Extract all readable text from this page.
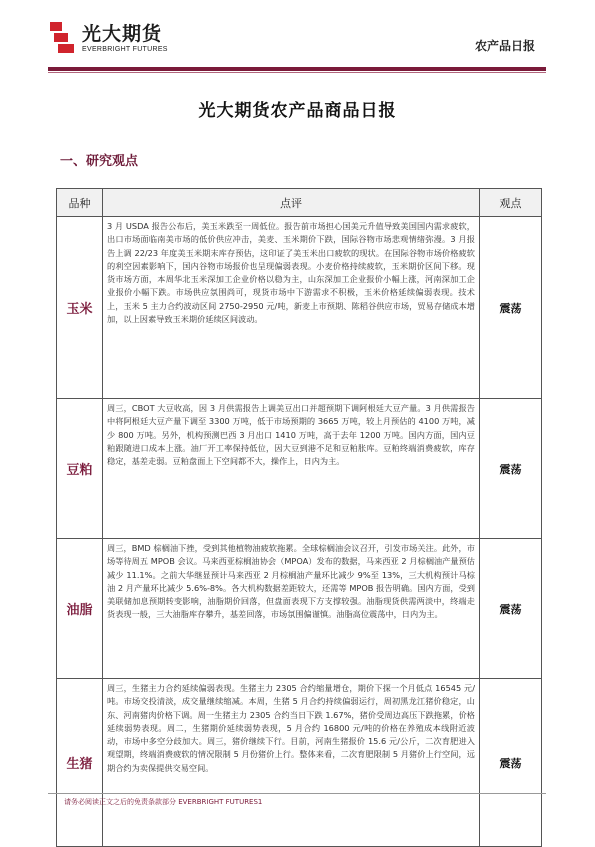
光大期货
EVERBRIGHT FUTURES	农产品日报
光大期货农产品商品日报
一、研究观点
品种	点评	观点
玉米	3 月 USDA 报告公布后，美玉米跌至一周低位。报告前市场担心国美元升值导致美国国内需求疲软，出口市场面临南美市场的低价供应冲击，美麦、玉米期价下跌，国际谷物市场悲观情绪弥漫。3 月报告上调 22/23 年度美玉米期末库存预估，这印证了美玉米出口疲软的现状。在国际谷物市场价格疲软的利空因素影响下，国内谷物市场报价也呈现偏弱表现。小麦价格持续疲软，玉米期价区间下移。现货市场方面，本周华北玉米深加工企业价格以稳为主，山东深加工企业报价小幅上涨，河南深加工企业报价小幅下跌。市场供应氛围尚可，现货市场中下游需求不积极，玉米价格延续偏弱表现。技术上，玉米 5 主力合约波动区间 2750-2950 元/吨，新麦上市预期、陈稻谷供应市场，贸易存储成本增加，以上因素导致玉米期价延续区间波动。	震荡
豆粕	周三，CBOT 大豆收高，因 3 月供需报告上调美豆出口并超预期下调阿根廷大豆产量。3 月供需报告中将阿根廷大豆产量下调至 3300 万吨，低于市场预期的 3665 万吨，较上月预估的 4100 万吨，减少 800 万吨。另外，机构预测巴西 3 月出口 1410 万吨，高于去年 1200 万吨。国内方面，国内豆粕跟随进口成本上涨。油厂开工率保持低位，因大豆到港不足和豆粕胀库。豆粕终端消费疲软，库存稳定，基差走弱。豆粕盘面上下空间都不大，操作上，日内为主。	震荡
油脂	周三，BMD 棕榈油下挫，受到其他植物油疲软拖累。全球棕榈油会议召开，引发市场关注。此外，市场等待周五 MPOB 会议。马来西亚棕榈油协会（MPOA）发布的数据，马来西亚 2 月棕榈油产量预估减少 11.1%。之前大华继显预计马来西亚 2 月棕榈油产量环比减少 9%至 13%，三大机构预计马棕油 2 月产量环比减少 5.6%-8%。各大机构数据差距较大，还需等 MPOB 报告明确。国内方面，受到美联储加息预期转变影响，油脂期价回落，但盘面表现下方支撑较强。油脂现货供需两淡中，终端走货表现一般，三大油脂库存攀升，基差回落，市场氛围偏谨慎。油脂高位震荡中，日内为主。	震荡
生猪	周三，生猪主力合约延续偏弱表现。生猪主力 2305 合约缩量增仓，期价下探一个月低点 16545 元/吨。市场交投清淡，成交量继续缩减。本周，生猪 5 月合约持续偏弱运行，周初黑龙江猪价稳定，山东、河南猪肉价格下调。周一生猪主力 2305 合约当日下跌 1.67%，猪价受周边高压下跌拖累，价格延续弱势表现。周二，生猪期价延续弱势表现，5 月合约 16800 元/吨的价格在养殖成本线附近波动，市场中多空分歧加大。周三，猪价继续下行。目前，河南生猪报价 15.6 元/公斤，二次育肥进入观望期，终端消费疲软的情况限制 5 月份猪价上行。整体来看，二次育肥限制 5 月猪价上行空间，远期合约为卖保提供交易空间。	震荡
请务必阅读正文之后的免责条款部分 EVERBRIGHT FUTURES1
